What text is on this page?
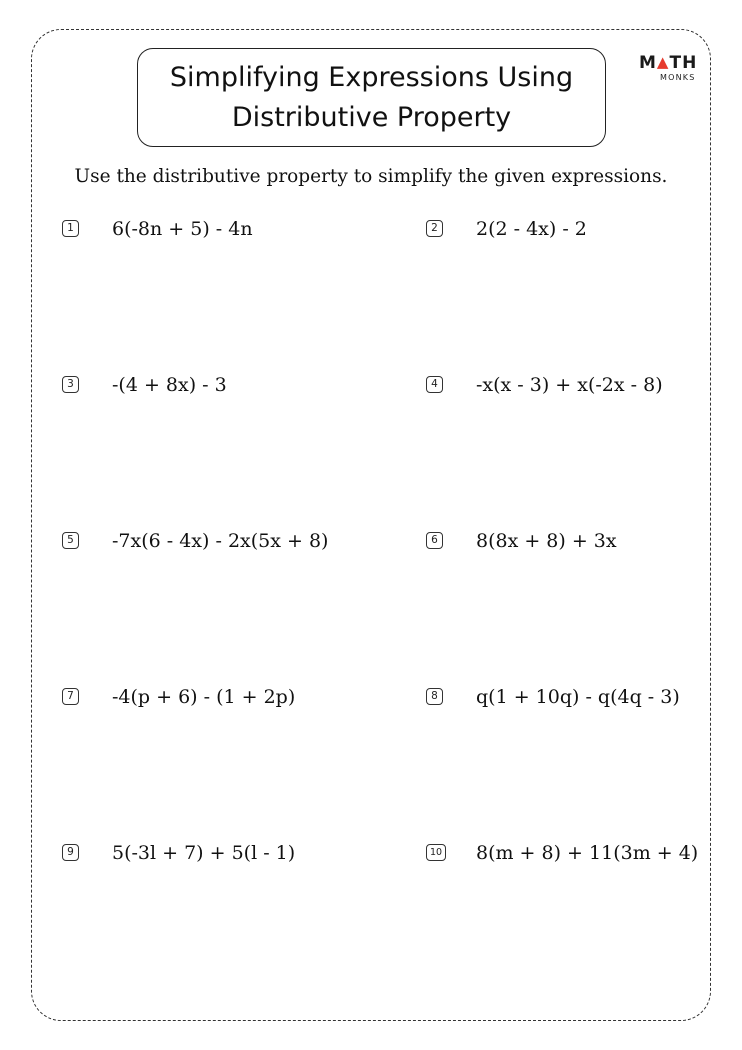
Simplifying Expressions Using
Distributive Property
M▲TH
MONKS
Use the distributive property to simplify the given expressions.
1 6(-8n + 5) - 4n	2 2(2 - 4x) - 2
3 -(4 + 8x) - 3	4 -x(x - 3) + x(-2x - 8)
5 -7x(6 - 4x) - 2x(5x + 8)	6 8(8x + 8) + 3x
7 -4(p + 6) - (1 + 2p)	8 q(1 + 10q) - q(4q - 3)
9 5(-3l + 7) + 5(l - 1)	10 8(m + 8) + 11(3m + 4)
